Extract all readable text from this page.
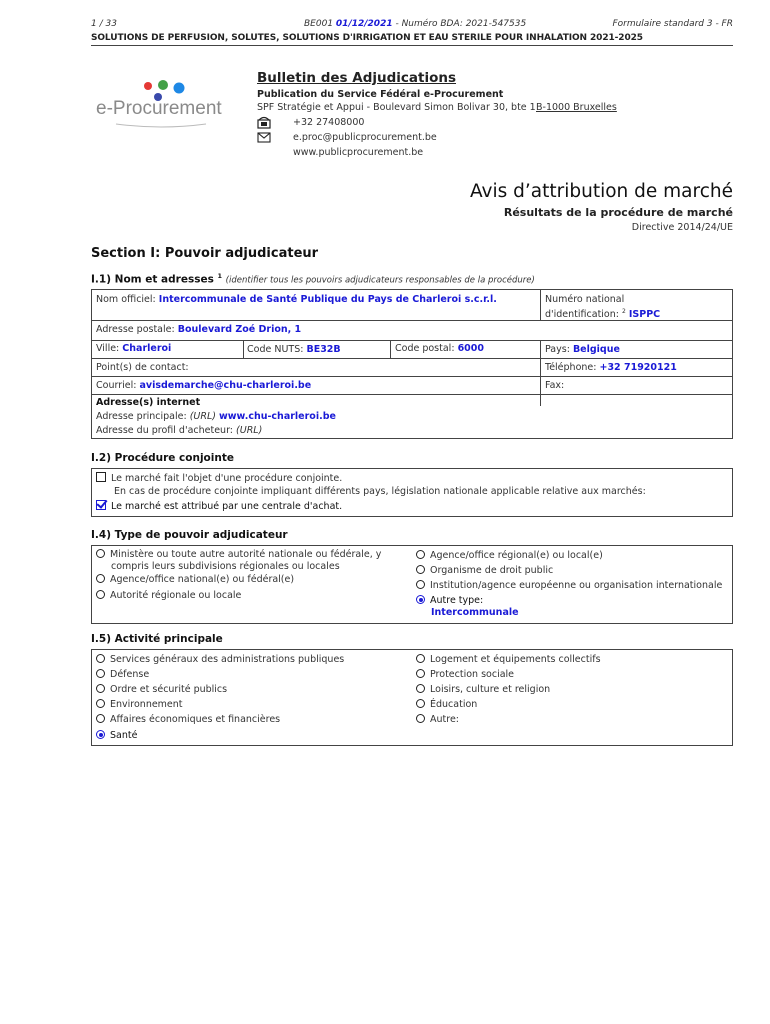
1 / 33	BE001 01/12/2021 - Numéro BDA: 2021-547535	Formulaire standard 3 - FR
SOLUTIONS DE PERFUSION, SOLUTES, SOLUTIONS D'IRRIGATION ET EAU STERILE POUR INHALATION 2021-2025
e-Procurement
Bulletin des Adjudications
Publication du Service Fédéral e-Procurement
SPF Stratégie et Appui - Boulevard Simon Bolivar 30, bte 1 B-1000 Bruxelles
+32 27408000
e.proc@publicprocurement.be
www.publicprocurement.be
Avis d’attribution de marché
Résultats de la procédure de marché
Directive 2014/24/UE
Section I: Pouvoir adjudicateur
I.1) Nom et adresses $^1$ (identifier tous les pouvoirs adjudicateurs responsables de la procédure)
Nom officiel: Intercommunale de Santé Publique du Pays de Charleroi s.c.r.l.	Numéro national
d'identification: $^2$ ISPPC
Adresse postale: Boulevard Zoé Drion, 1
Ville: Charleroi	Code NUTS: BE32B	Code postal: 6000	Pays: Belgique
Point(s) de contact:	Téléphone: +32 71920121
Courriel: avisdemarche@chu-charleroi.be	Fax:
Adresse(s) internet
Adresse principale: (URL) www.chu-charleroi.be
Adresse du profil d'acheteur: (URL)
I.2) Procédure conjointe
Le marché fait l'objet d'une procédure conjointe.
En cas de procédure conjointe impliquant différents pays, législation nationale applicable relative aux marchés:
Le marché est attribué par une centrale d'achat.
I.4) Type de pouvoir adjudicateur
Ministère ou toute autre autorité nationale ou fédérale, y
compris leurs subdivisions régionales ou locales
Agence/office national(e) ou fédéral(e)
Autorité régionale ou locale
Agence/office régional(e) ou local(e)
Organisme de droit public
Institution/agence européenne ou organisation internationale
Autre type:
Intercommunale
I.5) Activité principale
Services généraux des administrations publiques
Défense
Ordre et sécurité publics
Environnement
Affaires économiques et financières
Santé
Logement et équipements collectifs
Protection sociale
Loisirs, culture et religion
Éducation
Autre:
